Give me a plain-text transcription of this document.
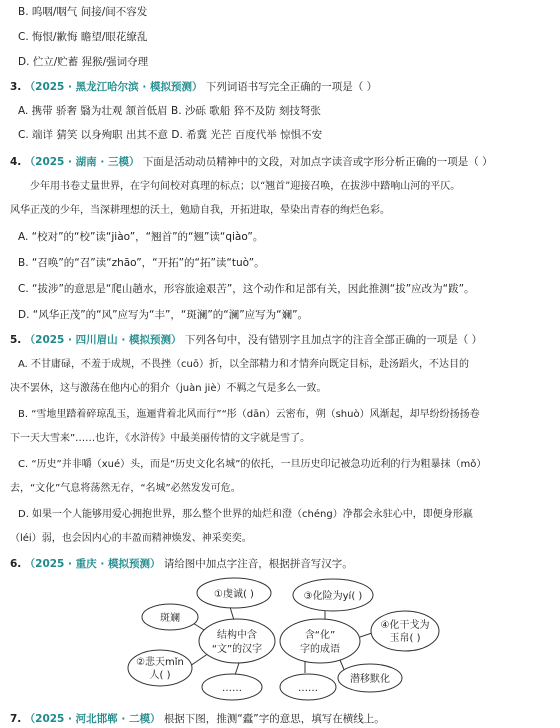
B. 呜咽/咽气 间接/间不容发
C. 悔恨/歉悔 瞻望/眼花缭乱
D. 伫立/贮蓄 猩猴/强词夺理
3. （2025 · 黑龙江哈尔滨 · 模拟预测） 下列词语书写完全正确的一项是（ ）
A. 携带 骄奢 翳为壮观 颔首低眉 B. 沙砾 歌船 猝不及防 刻技弩张
C. 端详 猜笑 以身殉职 出其不意 D. 希冀 光芒 百度代举 惊惧不安
4. （2025 · 湖南 · 三模） 下面是活动动员精神中的文段，对加点字读音或字形分析正确的一项是（ ）
少年用书卷丈量世界，在字句间校对真理的标点；以“翘首”迎接召唤，在拔涉中踏响山河的平仄。
风华正茂的少年，当深耕理想的沃土，勉励自我，开拓进取，晕染出青春的绚烂色彩。
A. “校对”的“校”读“jiào”，“翘首”的“翘”读“qiào”。
B. “召唤”的“召”读“zhāo”，“开拓”的“拓”读“tuò”。
C. “拔涉”的意思是“爬山趟水，形容旅途艰苦”，这个动作和足部有关，因此推测“拔”应改为“跋”。
D. “风华正茂”的“风”应写为“丰”，“斑澜”的“澜”应写为“斓”。
5. （2025 · 四川眉山 · 模拟预测） 下列各句中，没有错别字且加点字的注音全部正确的一项是（ ）
A. 不甘庸碌，不羞于成规，不畏挫（cuō）折，以全部精力和才情奔向既定目标，赴汤蹈火，不达目的
决不罢休，这与激荡在他内心的狷介（juàn jiè）不羁之气是多么一致。
B. “雪地里踏着碎琼乱玉，迤逦背着北风而行”“彤（dān）云密布，朔（shuò）风渐起，却早纷纷扬扬卷
下一天大雪来”……也许，《水浒传》中最美丽传情的文字就是雪了。
C. “历史”并非嚼（xué）头，而是“历史文化名城”的依托，一旦历史印记被急功近利的行为粗暴抹（mǒ）
去，“文化”气息将荡然无存，“名城”必然发发可危。
D. 如果一个人能够用爱心拥抱世界，那么整个世界的灿烂和澄（chéng）净都会永驻心中，即便身形羸
（léi）弱，也会因内心的丰盈而精神焕发、神采奕奕。
6. （2025 · 重庆 · 模拟预测） 请给图中加点字注音，根据拼音写汉字。
结构中含
“文”的汉字
①虔诚( )
斑斓
②悲天mǐn
人( )
……
含“化”
字的成语
③化险为yí( )
④化干戈为
玉帛( )
潜移默化
……
7. （2025 · 河北邯郸 · 二模） 根据下图，推测“蠹”字的意思，填写在横线上。
